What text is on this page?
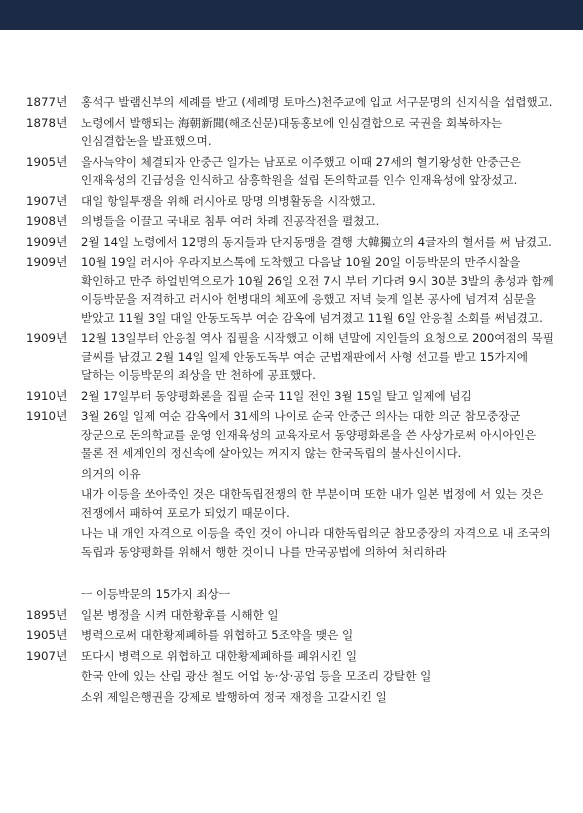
1877년	홍석구 발램신부의 세례를 받고 (세례명 토마스)천주교에 입교 서구문명의 신지식을 섭렵했고.
1878년	노령에서 발행되는 海朝新聞(해조신문)대동홍보에 인심결합으로 국권을 회복하자는 인심결합논을 발표했으며.
1905년	을사늑약이 체결되자 안중근 일가는 남포로 이주했고 이때 27세의 혈기왕성한 안중근은 인재육성의 긴급성을 인식하고 삼흥학원을 설립 돈의학교를 인수 인재육성에 앞장섰고.
1907년	대일 항일투쟁을 위해 러시아로 망명 의병활동을 시작했고.
1908년	의병들을 이끌고 국내로 침투 여러 차례 진공작전을 펼쳤고.
1909년	2월 14일 노령에서 12명의 동지들과 단지동맹을 결행 大韓獨立의 4글자의 혈서를 써 남겼고.
1909년	10월 19일 러시아 우라지보스톡에 도착했고 다음날 10월 20일 이등박문의 만주시찰을 확인하고 만주 하얼빈역으로가 10월 26일 오전 7시 부터 기다려 9시 30분 3발의 총성과 함께 이등박문을 저격하고 러시아 헌병대의 체포에 응했고 저녁 늦게 일본 공사에 넘겨져 심문을 받았고 11월 3일 대일 안동도독부 여순 감옥에 넘겨졌고 11월 6일 안응칠 소회를 써넘겼고.
1909년	12월 13일부터 안응칠 역사 집필을 시작했고 이해 년말에 지인들의 요청으로 200여점의 묵필 글씨를 남겼고 2월 14일 일제 안동도독부 여순 군법재판에서 사형 선고를 받고 15가지에 달하는 이등박문의 죄상을 만 천하에 공표했다.
1910년	2월 17일부터 동양평화론을 집필 순국 11일 전인 3월 15일 탈고 일제에 넘김
1910년	3월 26일 일제 여순 감옥에서 31세의 나이로 순국 안중근 의사는 대한 의군 참모중장군 장군으로 돈의학교를 운영 인재육성의 교육자로서 동양평화론을 쓴 사상가로써 아시아인은 물론 전 세계인의 정신속에 살아있는 꺼지지 않는 한국독립의 불사신이시다.
의거의 이유
내가 이등을 쏘아죽인 것은 대한독립전쟁의 한 부분이며 또한 내가 일본 법정에 서 있는 것은 전쟁에서 패하여 포로가 되었기 때문이다.
나는 내 개인 자격으로 이등을 죽인 것이 아니라 대한독립의군 참모중장의 자격으로 내 조국의 독립과 동양평화를 위해서 행한 것이니 나를 만국공법에 의하여 처리하라
ㅡ 이등박문의 15가지 죄상ㅡ
1895년	일본 병정을 시켜 대한황후를 시해한 일
1905년	병력으로써 대한황제폐하를 위협하고 5조약을 맺은 일
1907년	또다시 병력으로 위협하고 대한황제폐하를 폐위시킨 일
한국 안에 있는 산림 광산 철도 어업 농·상·공업 등을 모조리 강탈한 일
소위 제일은행권을 강제로 발행하여 정국 재정을 고갈시킨 일
